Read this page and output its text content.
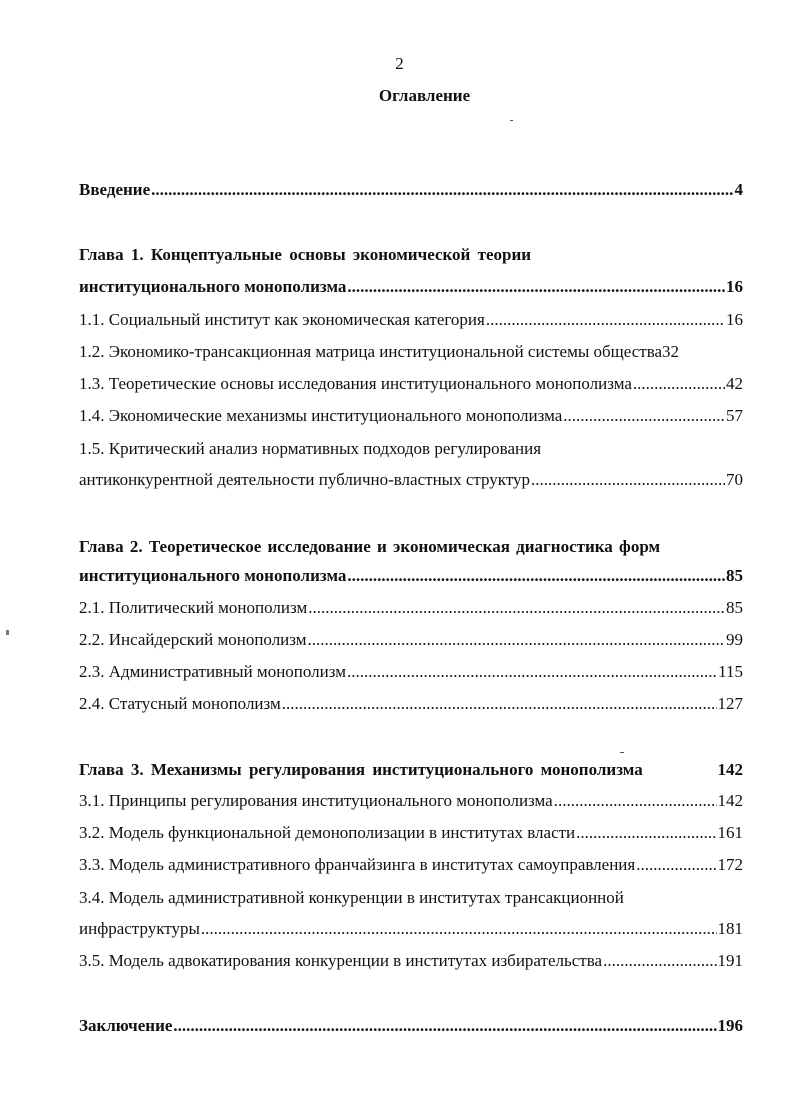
2
Оглавление
Введение .....	4
Глава 1. Концептуальные основы экономической теории
институционального монополизма .....	16
1.1. Социальный институт как экономическая категория .....	16
1.2. Экономико-трансакционная матрица институциональной системы общества 32
1.3. Теоретические основы исследования институционального монополизма .....	42
1.4. Экономические механизмы институционального монополизма .....	57
1.5. Критический анализ нормативных подходов регулирования
антиконкурентной деятельности публично-властных структур .....	70
Глава 2. Теоретическое исследование и экономическая диагностика форм
институционального монополизма .....	85
2.1. Политический монополизм .....	85
2.2. Инсайдерский монополизм .....	99
2.3. Административный монополизм .....	115
2.4. Статусный монополизм .....	127
Глава 3. Механизмы регулирования институционального монополизма	142
3.1. Принципы регулирования институционального монополизма .....	142
3.2. Модель функциональной демонополизации в институтах власти .....	161
3.3. Модель административного франчайзинга в институтах самоуправления .....	172
3.4. Модель административной конкуренции в институтах трансакционной
инфраструктуры .....	181
3.5. Модель адвокатирования конкуренции в институтах избирательства .....	191
Заключение .....	196
